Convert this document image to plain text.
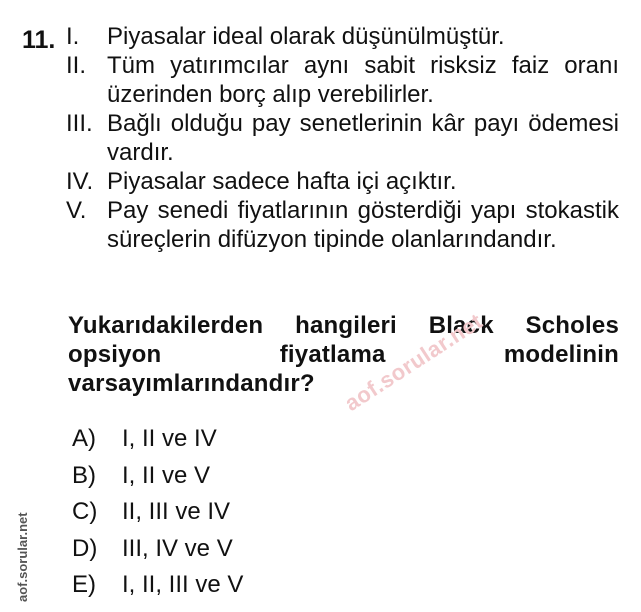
11. I.	Piyasalar ideal olarak düşünülmüştür.
II. Tüm yatırımcılar aynı sabit risksiz faiz oranı üzerinden borç alıp verebilirler.
III. Bağlı olduğu pay senetlerinin kâr payı ödemesi vardır.
IV. Piyasalar sadece hafta içi açıktır.
V. Pay senedi fiyatlarının gösterdiği yapı stokastik süreçlerin difüzyon tipinde olanlarındandır.
Yukarıdakilerden hangileri Black Scholes opsiyon fiyatlama modelinin varsayımlarındandır?
A)	I, II ve IV
B)	I, II ve V
C)	II, III ve IV
D)	III, IV ve V
E)	I, II, III ve V
aof.sorular.net
aof.sorular.net
